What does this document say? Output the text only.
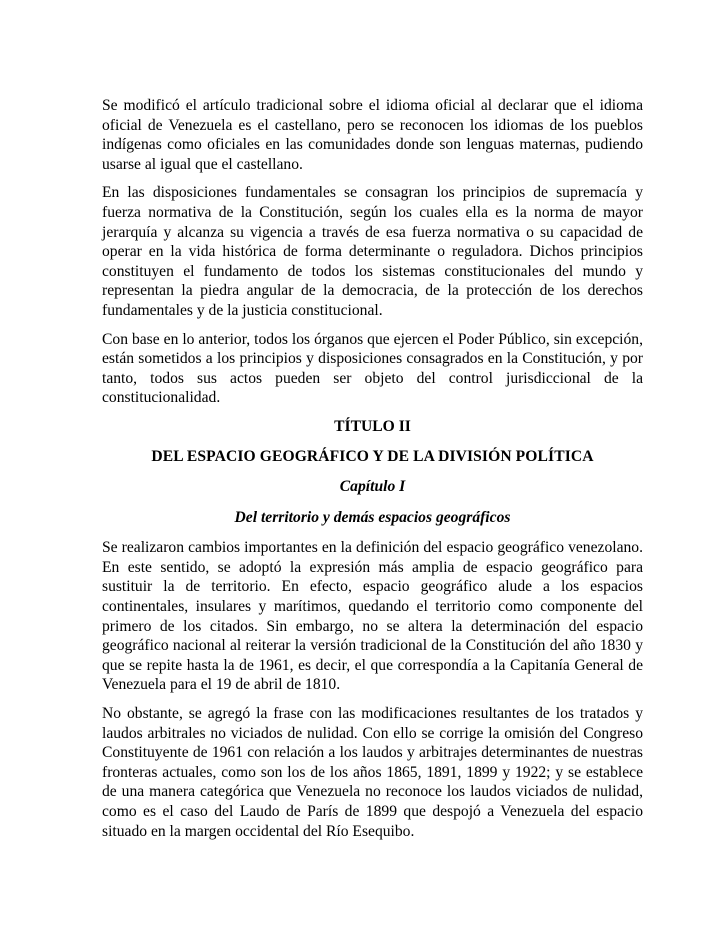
Se modificó el artículo tradicional sobre el idioma oficial al declarar que el idioma oficial de Venezuela es el castellano, pero se reconocen los idiomas de los pueblos indígenas como oficiales en las comunidades donde son lenguas maternas, pudiendo usarse al igual que el castellano.

En las disposiciones fundamentales se consagran los principios de supremacía y fuerza normativa de la Constitución, según los cuales ella es la norma de mayor jerarquía y alcanza su vigencia a través de esa fuerza normativa o su capacidad de operar en la vida histórica de forma determinante o reguladora. Dichos principios constituyen el fundamento de todos los sistemas constitucionales del mundo y representan la piedra angular de la democracia, de la protección de los derechos fundamentales y de la justicia constitucional.

Con base en lo anterior, todos los órganos que ejercen el Poder Público, sin excepción, están sometidos a los principios y disposiciones consagrados en la Constitución, y por tanto, todos sus actos pueden ser objeto del control jurisdiccional de la constitucionalidad.

TÍTULO II

DEL ESPACIO GEOGRÁFICO Y DE LA DIVISIÓN POLÍTICA

Capítulo I

Del territorio y demás espacios geográficos

Se realizaron cambios importantes en la definición del espacio geográfico venezolano. En este sentido, se adoptó la expresión más amplia de espacio geográfico para sustituir la de territorio. En efecto, espacio geográfico alude a los espacios continentales, insulares y marítimos, quedando el territorio como componente del primero de los citados. Sin embargo, no se altera la determinación del espacio geográfico nacional al reiterar la versión tradicional de la Constitución del año 1830 y que se repite hasta la de 1961, es decir, el que correspondía a la Capitanía General de Venezuela para el 19 de abril de 1810.

No obstante, se agregó la frase con las modificaciones resultantes de los tratados y laudos arbitrales no viciados de nulidad. Con ello se corrige la omisión del Congreso Constituyente de 1961 con relación a los laudos y arbitrajes determinantes de nuestras fronteras actuales, como son los de los años 1865, 1891, 1899 y 1922; y se establece de una manera categórica que Venezuela no reconoce los laudos viciados de nulidad, como es el caso del Laudo de París de 1899 que despojó a Venezuela del espacio situado en la margen occidental del Río Esequibo.
